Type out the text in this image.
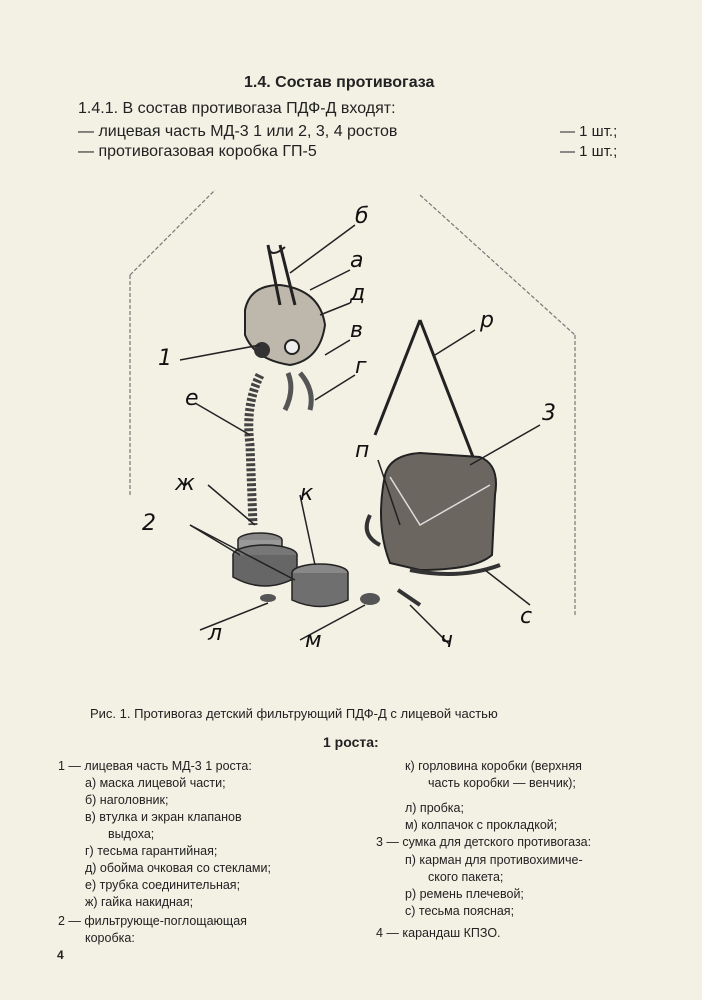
1.4. Состав противогаза
1.4.1. В состав противогаза ПДФ-Д входят:
— лицевая часть МД-3 1 или 2, 3, 4 ростов	— 1 шт.;
— противогазовая коробка ГП-5	— 1 шт.;
б
а
д
в
г
1
е
ж	к
2
п
р
3
с
л	м	ч
Рис. 1. Противогаз детский фильтрующий ПДФ-Д с лицевой частью
1 роста:
1 — лицевая часть МД-3 1 роста:
а) маска лицевой части;
б) наголовник;
в) втулка и экран клапанов
выдоха;
г) тесьма гарантийная;
д) обойма очковая со стеклами;
е) трубка соединительная;
ж) гайка накидная;
2 — фильтрующе-поглощающая
коробка:
к) горловина коробки (верхняя
часть коробки — венчик);
л) пробка;
м) колпачок с прокладкой;
3 — сумка для детского противогаза:
п) карман для противохимиче-
ского пакета;
р) ремень плечевой;
с) тесьма поясная;
4 — карандаш КПЗО.
4
